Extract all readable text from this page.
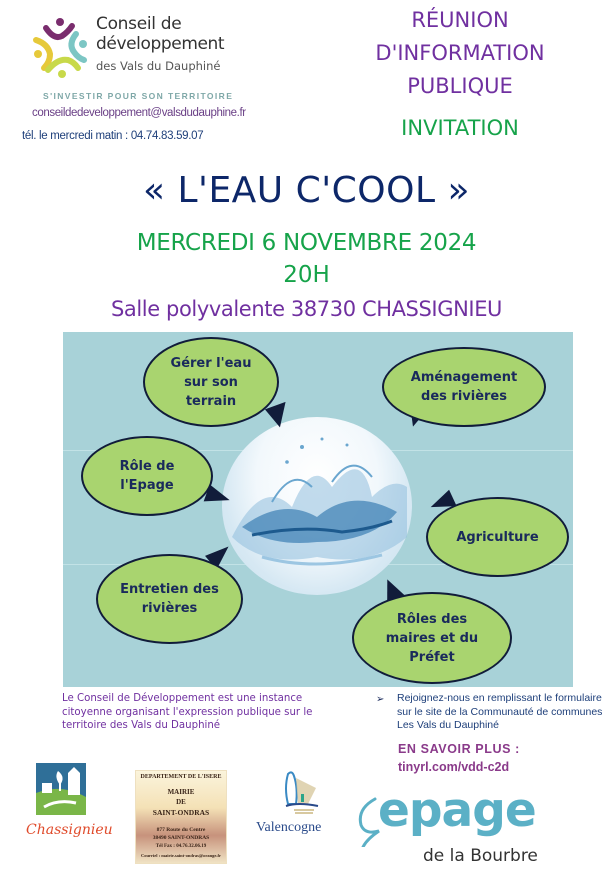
Conseil de
développement
des Vals du Dauphiné
S'INVESTIR POUR SON TERRITOIRE
conseildedeveloppement@valsdudauphine.fr
tél. le mercredi matin : 04.74.83.59.07
RÉUNION
D'INFORMATION
PUBLIQUE
INVITATION
« L'EAU C'COOL »
MERCREDI 6 NOVEMBRE 2024
20H
Salle polyvalente 38730 CHASSIGNIEU
Gérer l'eau
sur son
terrain
Aménagement
des rivières
Rôle de
l'Epage
Agriculture
Entretien des
rivières
Rôles des
maires et du
Préfet
Le Conseil de Développement est une instance citoyenne organisant l'expression publique sur le territoire des Vals du Dauphiné
➢ Rejoignez-nous en remplissant le formulaire sur le site de la Communauté de communes Les Vals du Dauphiné
EN SAVOIR PLUS :
tinyrl.com/vdd-c2d
Chassignieu
DEPARTEMENT DE L'ISERE
MAIRIE
DE
SAINT-ONDRAS
877 Route du Centre
38490 SAINT-ONDRAS
Tél Fax : 04.76.32.06.19
Courriel : mairie.saint-ondras@orange.fr
Valencogne epage
de la Bourbre
